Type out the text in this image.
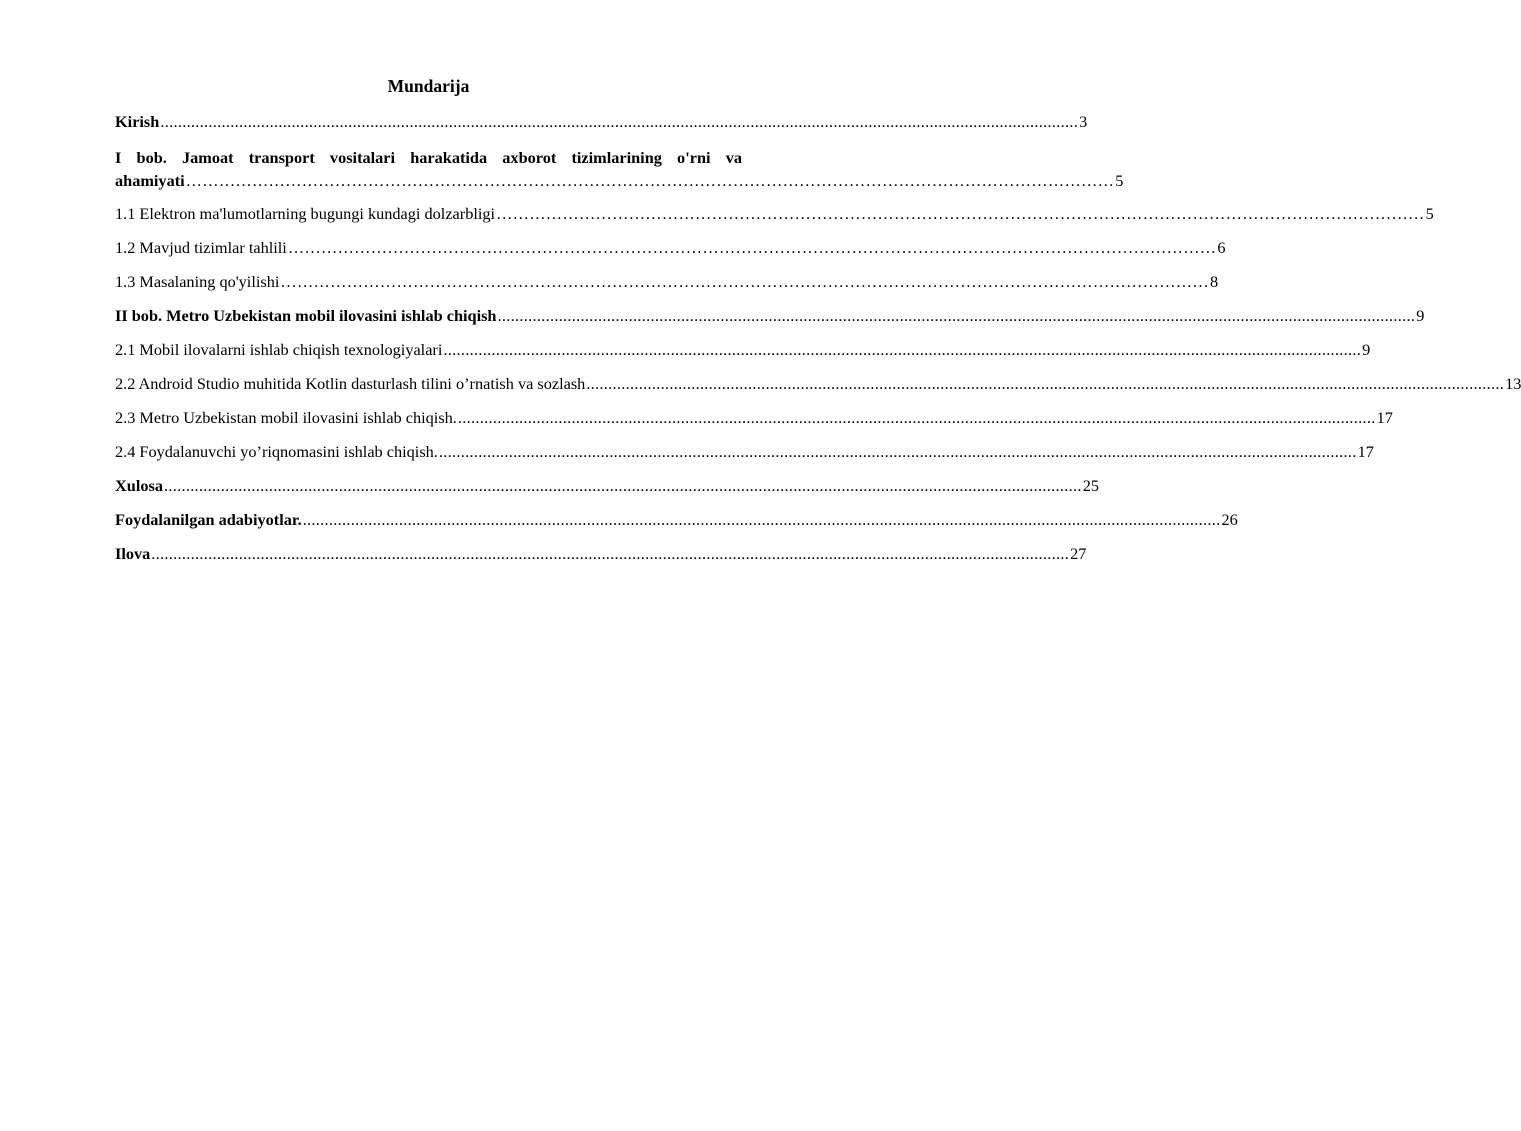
Mundarija
Kirish .................................................................................................................................................................................................................. 3
I bob. Jamoat transport vositalari harakatida axborot tizimlarining o'rni va
ahamiyati …………………………………………………………………………………………………………………………………………………… 5
1.1 Elektron ma'lumotlarning bugungi kundagi dolzarbligi …………………………………………………………………………………………………………………………………………………… 5
1.2 Mavjud tizimlar tahlili …………………………………………………………………………………………………………………………………………………… 6
1.3 Masalaning qo'yilishi …………………………………………………………………………………………………………………………………………………… 8
II bob. Metro Uzbekistan mobil ilovasini ishlab chiqish .................................................................................................................................................................................................................. 9
2.1 Mobil ilovalarni ishlab chiqish texnologiyalari .................................................................................................................................................................................................................. 9
2.2 Android Studio muhitida Kotlin dasturlash tilini o’rnatish va sozlash .................................................................................................................................................................................................................. 13
2.3 Metro Uzbekistan mobil ilovasini ishlab chiqish. .................................................................................................................................................................................................................. 17
2.4 Foydalanuvchi yo’riqnomasini ishlab chiqish. .................................................................................................................................................................................................................. 17
Xulosa .................................................................................................................................................................................................................. 25
Foydalanilgan adabiyotlar. .................................................................................................................................................................................................................. 26
Ilova .................................................................................................................................................................................................................. 27
